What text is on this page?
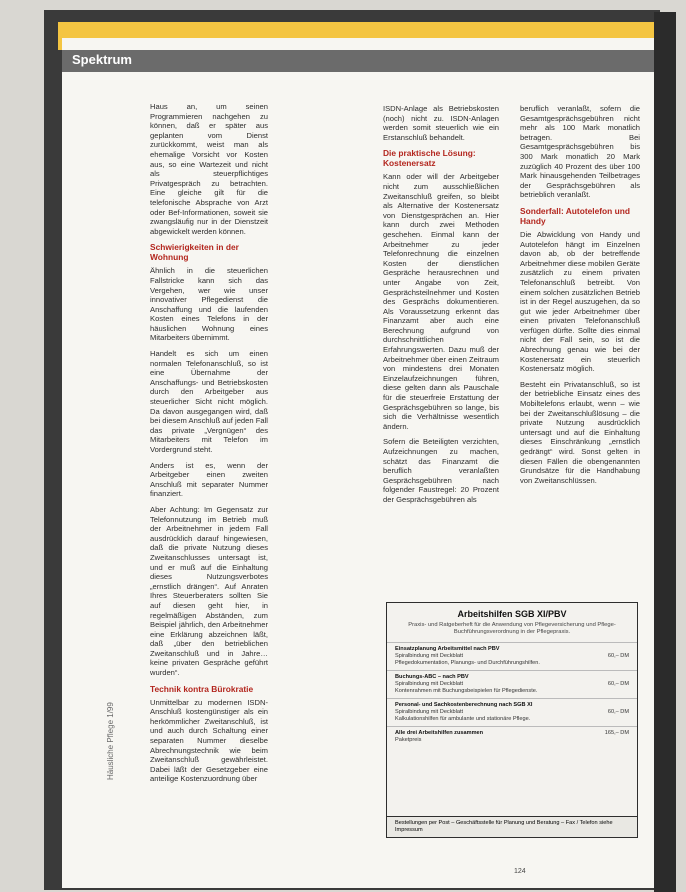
Spektrum
Häusliche Pflege 1/99

Haus an, um seinen Programmieren nachgehen zu können, daß er später aus geplanten vom Dienst zurückkommt, weist man als ehemalige Vorsicht vor Kosten aus, so eine Wartezeit und nicht als steuerpflichtiges Privatgespräch zu betrachten. Eine gleiche gilt für die telefonische Absprache von Arzt oder Bef-Informationen, soweit sie zwangsläufig nur in der Dienstzeit abgewickelt werden können.

Schwierigkeiten in der Wohnung

Ähnlich in die steuerlichen Fallstricke kann sich das Vergehen, wer wie unser innovativer Pflegedienst die Anschaffung und die laufenden Kosten eines Telefons in der häuslichen Wohnung eines Mitarbeiters übernimmt.

Handelt es sich um einen normalen Telefonanschluß, so ist eine Übernahme der Anschaffungs- und Betriebskosten durch den Arbeitgeber aus steuerlicher Sicht nicht möglich. Da davon ausgegangen wird, daß bei diesem Anschluß auf jeden Fall das private „Vergnügen“ des Mitarbeiters mit Telefon im Vordergrund steht.

Anders ist es, wenn der Arbeitgeber einen zweiten Anschluß mit separater Nummer finanziert.

Aber Achtung: Im Gegensatz zur Telefonnutzung im Betrieb muß der Arbeitnehmer in jedem Fall ausdrücklich darauf hingewiesen, daß die private Nutzung dieses Zweitanschlusses untersagt ist, und er muß auf die Einhaltung dieses Nutzungsverbotes „ernstlich drängen“. Auf Anraten Ihres Steuerberaters sollten Sie auf diesen geht hier, in regelmäßigen Abständen, zum Beispiel jährlich, den Arbeitnehmer eine Erklärung abzeichnen läßt, daß „über den betrieblichen Zweitanschluß und in Jahre… keine privaten Gespräche geführt wurden“.

Technik kontra Bürokratie

Unmittelbar zu modernen ISDN-Anschluß kostengünstiger als ein herkömmlicher Zweitanschluß, ist und auch durch Schaltung einer separaten Nummer dieselbe Abrechnungstechnik wie beim Zweitanschluß gewährleistet. Dabei läßt der Gesetzgeber eine anteilige Kostenzuordnung über

ISDN-Anlage als Betriebskosten (noch) nicht zu. ISDN-Anlagen werden somit steuerlich wie ein Erstanschluß behandelt.

Die praktische Lösung: Kostenersatz

Kann oder will der Arbeitgeber nicht zum ausschließlichen Zweitanschluß greifen, so bleibt als Alternative der Kostenersatz von Dienstgesprächen an. Hier kann durch zwei Methoden geschehen. Einmal kann der Arbeitnehmer zu jeder Telefonrechnung die einzelnen Kosten der dienstlichen Gespräche herausrechnen und unter Angabe von Zeit, Gesprächsteilnehmer und Kosten des Gesprächs dokumentieren. Als Voraussetzung erkennt das Finanzamt aber auch eine Berechnung aufgrund von durchschnittlichen Erfahrungswerten. Dazu muß der Arbeitnehmer über einen Zeitraum von mindestens drei Monaten Einzelaufzeichnungen führen, diese gelten dann als Pauschale für die steuerfreie Erstattung der Gesprächsgebühren so lange, bis sich die Verhältnisse wesentlich ändern.

Sofern die Beteiligten verzichten, Aufzeichnungen zu machen, schätzt das Finanzamt die beruflich veranlaßten Gesprächsgebühren nach folgender Faustregel: 20 Prozent der Gesprächsgebühren als

beruflich veranlaßt, sofern die Gesamtgesprächsgebühren nicht mehr als 100 Mark monatlich betragen. Bei Gesamtgesprächsgebühren bis 300 Mark monatlich 20 Mark zuzüglich 40 Prozent des über 100 Mark hinausgehenden Teilbetrages der Gesprächsgebühren als betrieblich veranlaßt.

Sonderfall: Autotelefon und Handy

Die Abwicklung von Handy und Autotelefon hängt im Einzelnen davon ab, ob der betreffende Arbeitnehmer diese mobilen Geräte zusätzlich zu einem privaten Telefonanschluß betreibt. Von einem solchen zusätzlichen Betrieb ist in der Regel auszugehen, da so gut wie jeder Arbeitnehmer über einen privaten Telefonanschluß verfügen dürfte. Sollte dies einmal nicht der Fall sein, so ist die Abrechnung genau wie bei der Kostenersatz ein steuerlich Kostenersatz möglich.

Besteht ein Privatanschluß, so ist der betriebliche Einsatz eines des Mobiltelefons erlaubt, wenn – wie bei der Zweitanschlußlösung – die private Nutzung ausdrücklich untersagt und auf die Einhaltung dieses Einschränkung „ernstlich gedrängt“ wird. Sonst gelten in diesen Fällen die obengenannten Grundsätze für die Handhabung von Zweitanschlüssen.

Arbeitshilfen SGB XI/PBV
Praxis- und Ratgeberheft für die Anwendung von Pflegeversicherung und Pflege-Buchführungsverordnung in der Pflegepraxis.
Einsatzplanung Arbeitsmittel nach PBV
Spiralbindung mit Deckblatt	60,– DM
Pflegedokumentation, Planungs- und Durchführungshilfen.
Buchungs-ABC – nach PBV
Spiralbindung mit Deckblatt	60,– DM
Kontenrahmen mit Buchungsbeispielen für Pflegedienste.
Personal- und Sachkostenberechnung nach SGB XI
Spiralbindung mit Deckblatt	60,– DM
Kalkulationshilfen für ambulante und stationäre Pflege.
Alle drei Arbeitshilfen zusammen	165,– DM
Paketpreis
Bestellungen per Post – Geschäftsstelle für Planung und Beratung – Fax / Telefon siehe Impressum
124
